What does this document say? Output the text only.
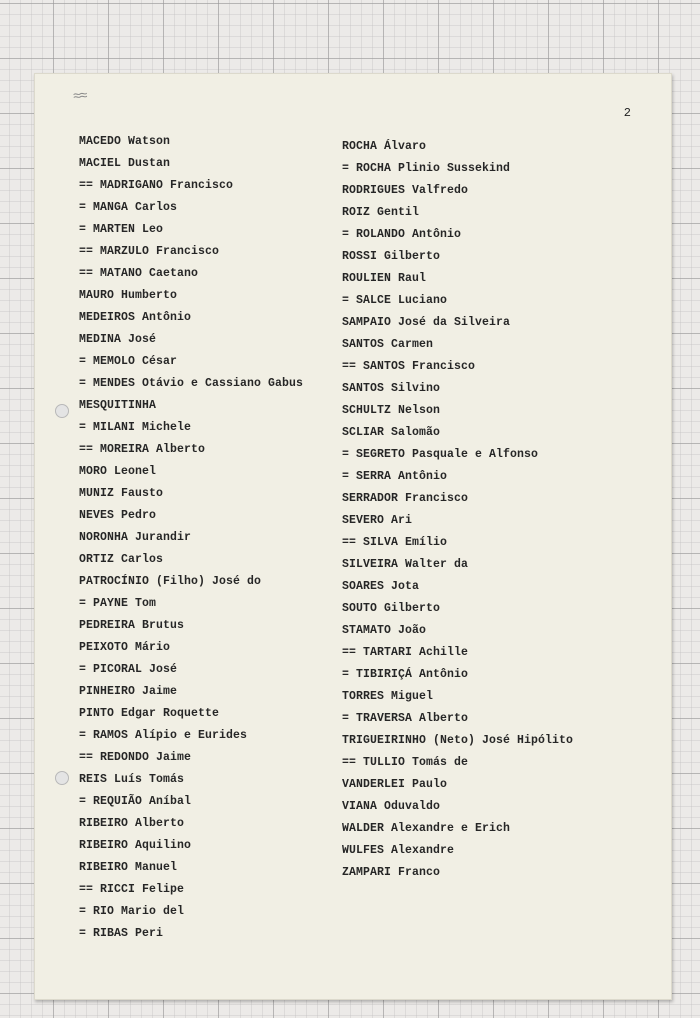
≈≈
2
MACEDO Watson
MACIEL Dustan
== MADRIGANO Francisco
= MANGA Carlos
= MARTEN Leo
== MARZULO Francisco
== MATANO Caetano
MAURO Humberto
MEDEIROS Antônio
MEDINA José
= MEMOLO César
= MENDES Otávio e Cassiano Gabus
MESQUITINHA
= MILANI Michele
== MOREIRA Alberto
MORO Leonel
MUNIZ Fausto
NEVES Pedro
NORONHA Jurandir
ORTIZ Carlos
PATROCÍNIO (Filho) José do
= PAYNE Tom
PEDREIRA Brutus
PEIXOTO Mário
= PICORAL José
PINHEIRO Jaime
PINTO Edgar Roquette
= RAMOS Alípio e Eurides
== REDONDO Jaime
REIS Luís Tomás
= REQUIÃO Aníbal
RIBEIRO Alberto
RIBEIRO Aquilino
RIBEIRO Manuel
== RICCI Felipe
= RIO Mario del
= RIBAS Peri
ROCHA Álvaro
= ROCHA Plinio Sussekind
RODRIGUES Valfredo
ROIZ Gentil
= ROLANDO Antônio
ROSSI Gilberto
ROULIEN Raul
= SALCE Luciano
SAMPAIO José da Silveira
SANTOS Carmen
== SANTOS Francisco
SANTOS Silvino
SCHULTZ Nelson
SCLIAR Salomão
= SEGRETO Pasquale e Alfonso
= SERRA Antônio
SERRADOR Francisco
SEVERO Ari
== SILVA Emílio
SILVEIRA Walter da
SOARES Jota
SOUTO Gilberto
STAMATO João
== TARTARI Achille
= TIBIRIÇÁ Antônio
TORRES Miguel
= TRAVERSA Alberto
TRIGUEIRINHO (Neto) José Hipólito
== TULLIO Tomás de
VANDERLEI Paulo
VIANA Oduvaldo
WALDER Alexandre e Erich
WULFES Alexandre
ZAMPARI Franco
